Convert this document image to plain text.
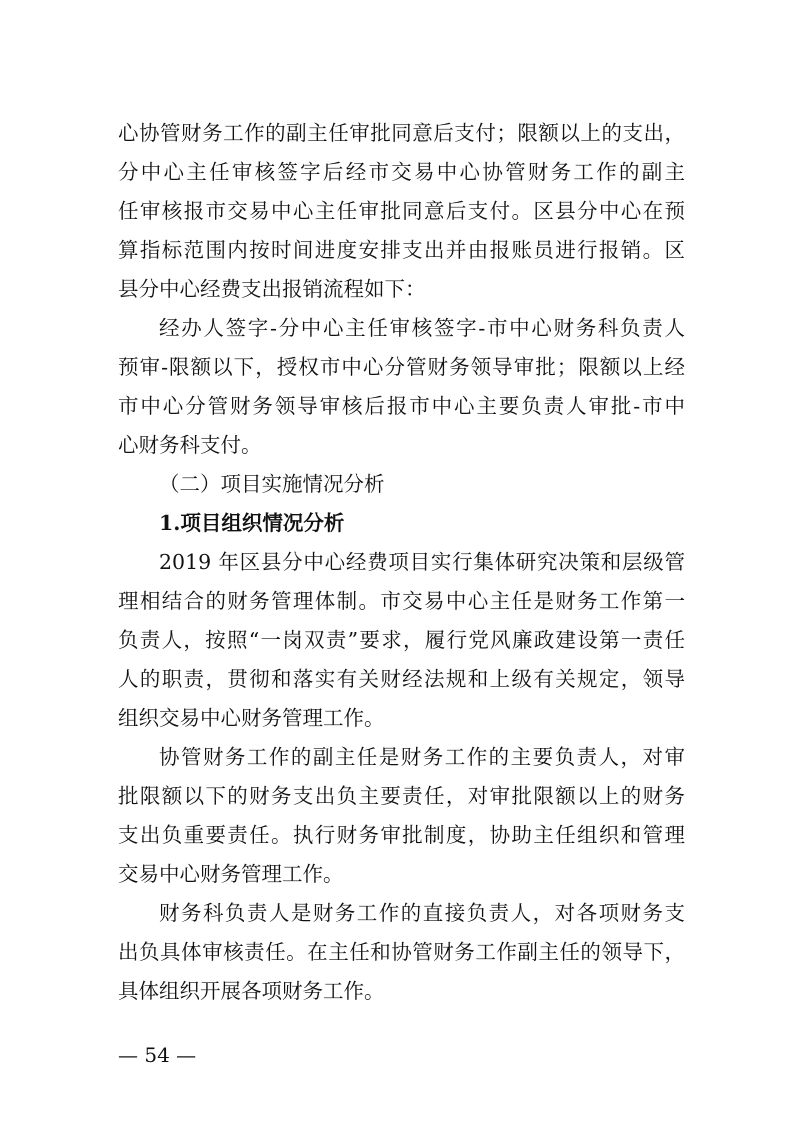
心协管财务工作的副主任审批同意后支付；限额以上的支出，
分中心主任审核签字后经市交易中心协管财务工作的副主
任审核报市交易中心主任审批同意后支付。区县分中心在预
算指标范围内按时间进度安排支出并由报账员进行报销。区
县分中心经费支出报销流程如下：
经办人签字-分中心主任审核签字-市中心财务科负责人
预审-限额以下，授权市中心分管财务领导审批；限额以上经
市中心分管财务领导审核后报市中心主要负责人审批-市中
心财务科支付。
（二）项目实施情况分析
1.项目组织情况分析
2019 年区县分中心经费项目实行集体研究决策和层级管
理相结合的财务管理体制。市交易中心主任是财务工作第一
负责人，按照“一岗双责”要求，履行党风廉政建设第一责任
人的职责，贯彻和落实有关财经法规和上级有关规定，领导
组织交易中心财务管理工作。
协管财务工作的副主任是财务工作的主要负责人，对审
批限额以下的财务支出负主要责任，对审批限额以上的财务
支出负重要责任。执行财务审批制度，协助主任组织和管理
交易中心财务管理工作。
财务科负责人是财务工作的直接负责人，对各项财务支
出负具体审核责任。在主任和协管财务工作副主任的领导下，
具体组织开展各项财务工作。
— 54 —
